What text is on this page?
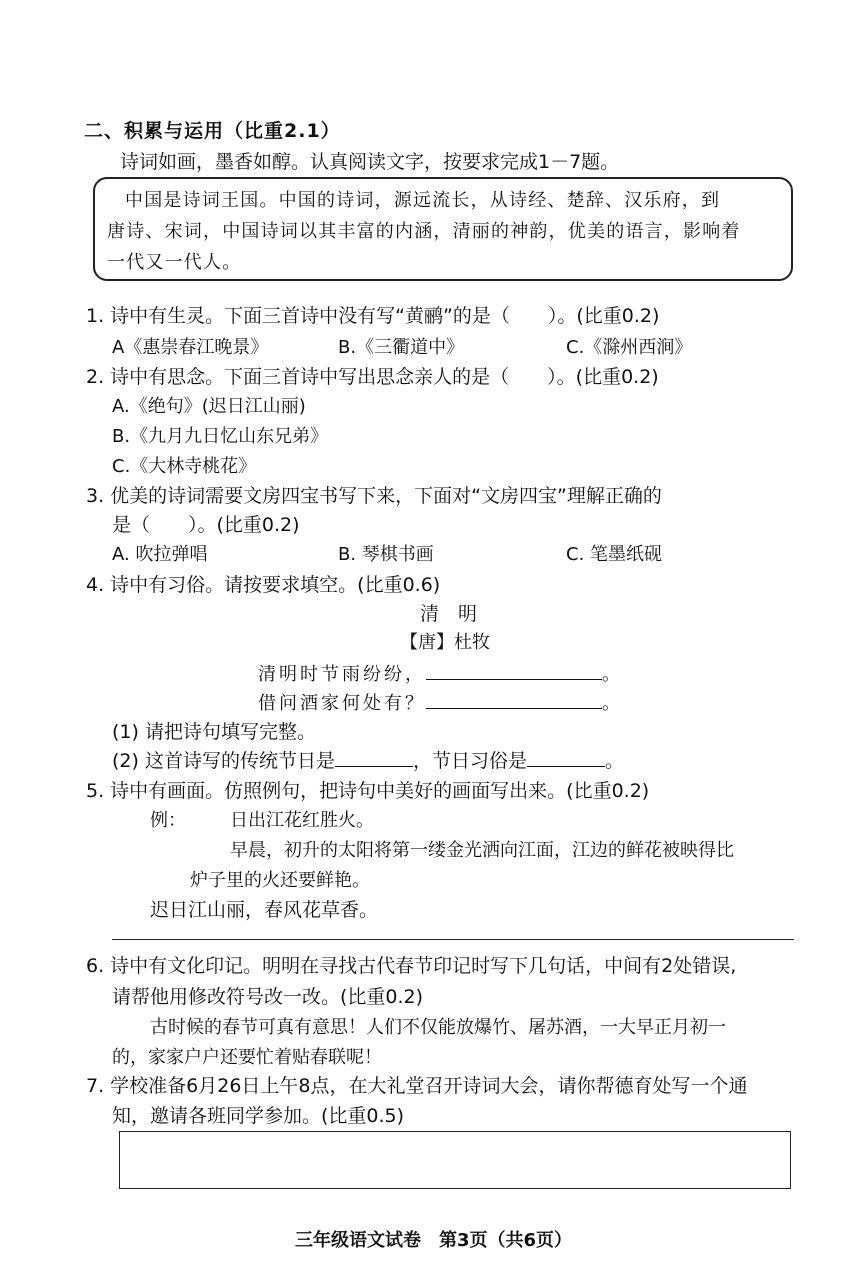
二、积累与运用（比重2.1）
诗词如画，墨香如醇。认真阅读文字，按要求完成1－7题。

中国是诗词王国。中国的诗词，源远流长，从诗经、楚辞、汉乐府，到

唐诗、宋词，中国诗词以其丰富的内涵，清丽的神韵，优美的语言，影响着

一代又一代人。

1. 诗中有生灵。下面三首诗中没有写“黄鹂”的是（　　）。(比重0.2)
A《惠崇春江晚景》	B.《三衢道中》	C.《滁州西涧》
2. 诗中有思念。下面三首诗中写出思念亲人的是（　　）。(比重0.2)
A.《绝句》(迟日江山丽)
B.《九月九日忆山东兄弟》
C.《大林寺桃花》
3. 优美的诗词需要文房四宝书写下来，下面对“文房四宝”理解正确的
是（　　）。(比重0.2)
A. 吹拉弹唱	B. 琴棋书画	C. 笔墨纸砚
4. 诗中有习俗。请按要求填空。(比重0.6)
清　明
【唐】杜牧
清明时节雨纷纷，	。
借问酒家何处有？	。
(1) 请把诗句填写完整。
(2) 这首诗写的传统节日是	，节日习俗是	。
5. 诗中有画面。仿照例句，把诗句中美好的画面写出来。(比重0.2)
例： 日出江花红胜火。
早晨，初升的太阳将第一缕金光洒向江面，江边的鲜花被映得比
炉子里的火还要鲜艳。
迟日江山丽，春风花草香。
6. 诗中有文化印记。明明在寻找古代春节印记时写下几句话，中间有2处错误,
请帮他用修改符号改一改。(比重0.2)
古时候的春节可真有意思！人们不仅能放爆竹、屠苏酒，一大早正月初一
的，家家户户还要忙着贴春联呢！
7. 学校准备6月26日上午8点，在大礼堂召开诗词大会，请你帮德育处写一个通
知，邀请各班同学参加。(比重0.5)
三年级语文试卷　第3页（共6页）
